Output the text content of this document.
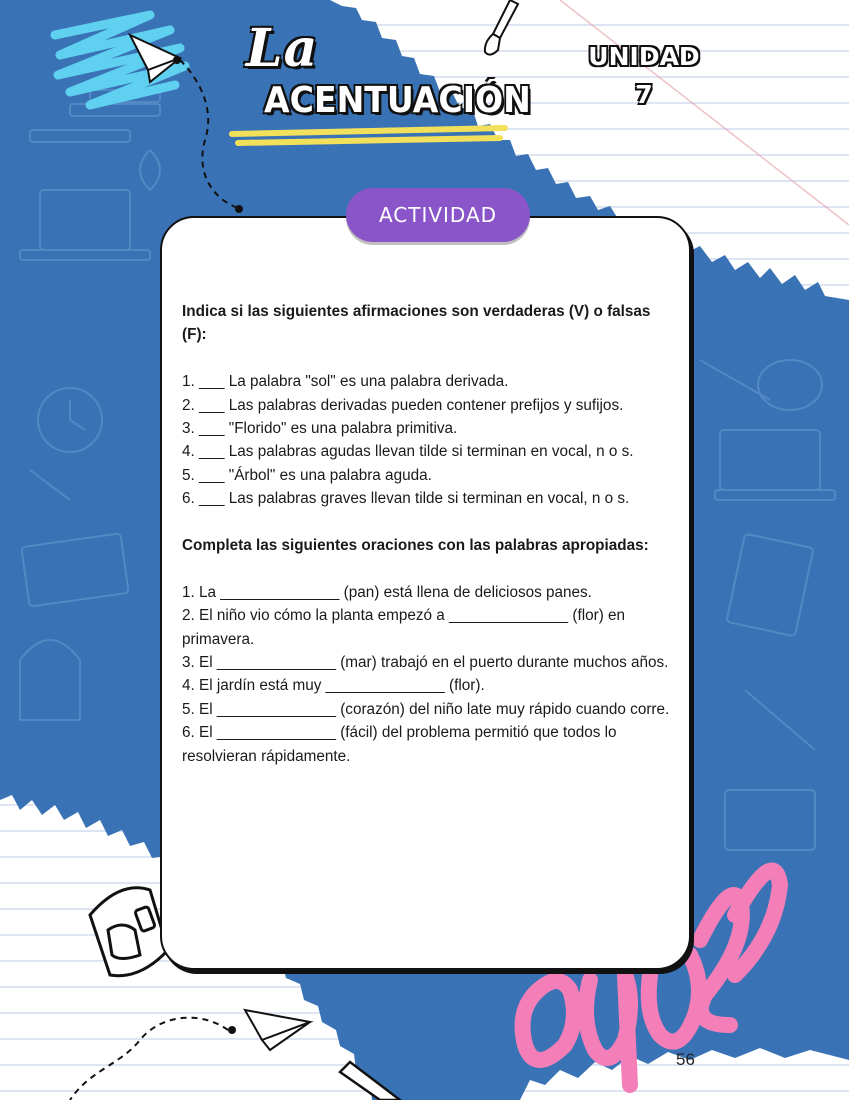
La
ACENTUACIÓN
UNIDAD
7
ACTIVIDAD

Indica si las siguientes afirmaciones son verdaderas (V) o falsas (F):

1. ___ La palabra "sol" es una palabra derivada.

2. ___ Las palabras derivadas pueden contener prefijos y sufijos.

3. ___ "Florido" es una palabra primitiva.

4. ___ Las palabras agudas llevan tilde si terminan en vocal, n o s.

5. ___ "Árbol" es una palabra aguda.

6. ___ Las palabras graves llevan tilde si terminan en vocal, n o s.

Completa las siguientes oraciones con las palabras apropiadas:

1. La ______________ (pan) está llena de deliciosos panes.

2. El niño vio cómo la planta empezó a ______________ (flor) en primavera.

3. El ______________ (mar) trabajó en el puerto durante muchos años.

4. El jardín está muy ______________ (flor).

5. El ______________ (corazón) del niño late muy rápido cuando corre.

6. El ______________ (fácil) del problema permitió que todos lo resolvieran rápidamente.

56
